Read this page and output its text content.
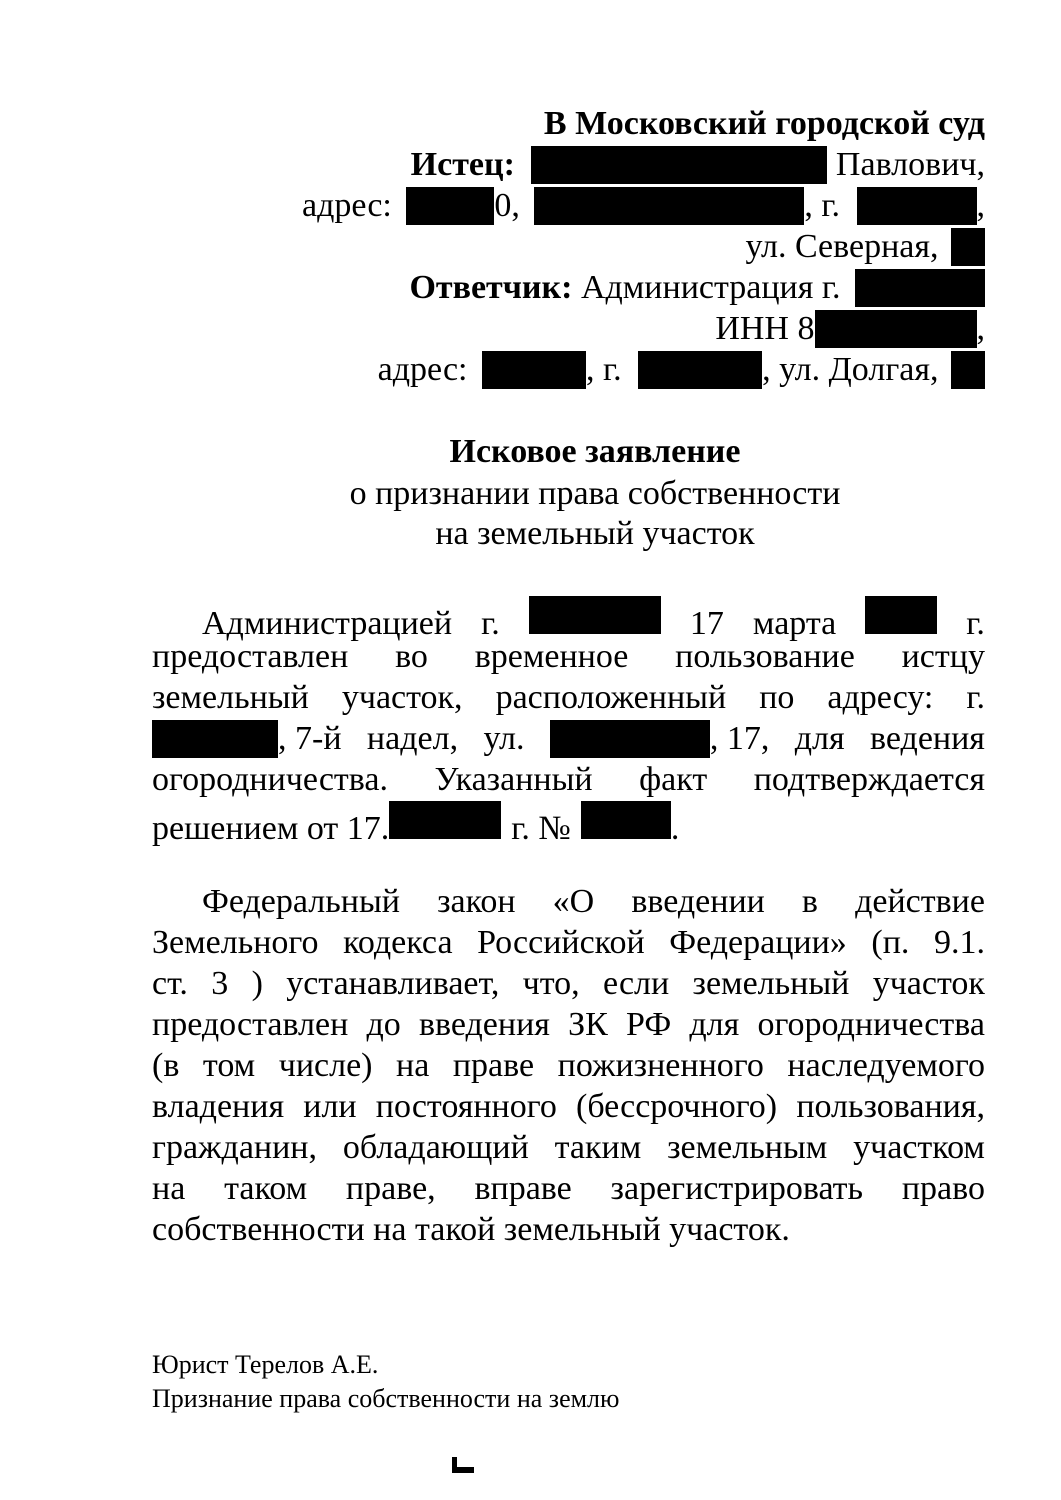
В Московский городской суд
Истец:	Павлович,
адрес:	0,	, г.	,
ул. Северная,
Ответчик: Администрация г.
ИНН 8	,
адрес:	, г.	, ул. Долгая,
Исковое заявление
о признании права собственности
на земельный участок
Администрацией г.	17 марта	г.
предоставлен во временное пользование истцу
земельный участок, расположенный по адресу: г.
, 7-й надел, ул.	, 17, для ведения
огородничества. Указанный факт подтверждается
решением от 17.	г. №	.
Федеральный закон «О введении в действие
Земельного кодекса Российской Федерации» (п. 9.1.
ст. 3 ) устанавливает, что, если земельный участок
предоставлен до введения ЗК РФ для огородничества
(в том числе) на праве пожизненного наследуемого
владения или постоянного (бессрочного) пользования,
гражданин, обладающий таким земельным участком
на таком праве, вправе зарегистрировать право
собственности на такой земельный участок.
Юрист Терелов А.Е.
Признание права собственности на землю
